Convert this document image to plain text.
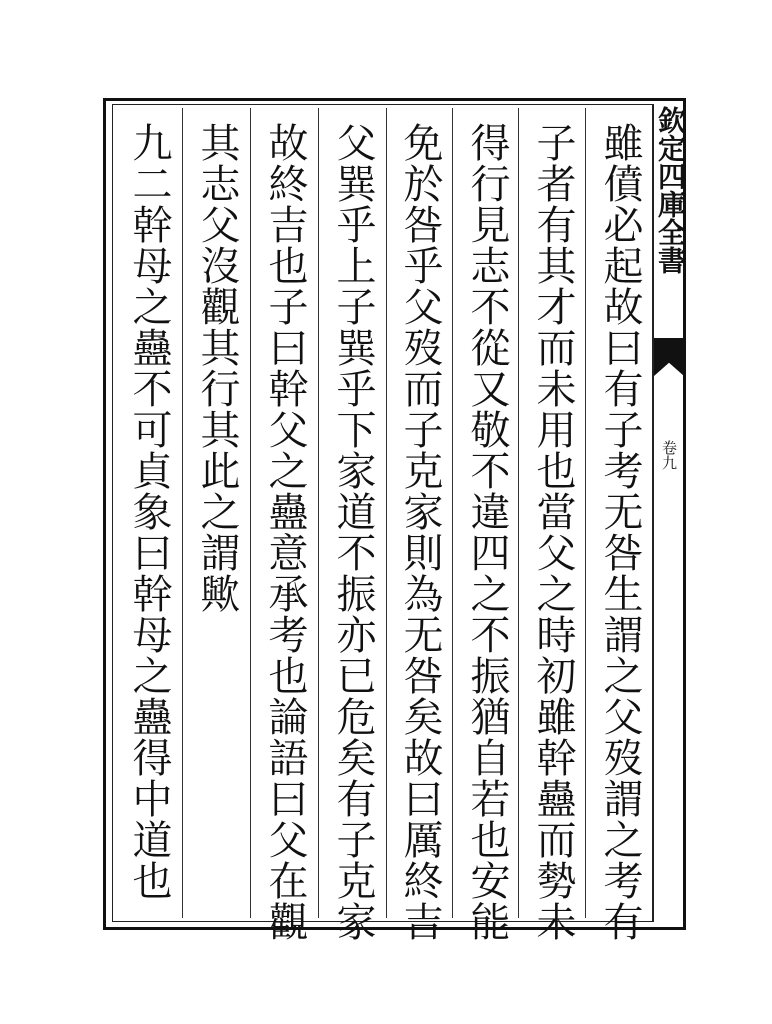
欽定四庫全書
卷九
雖僨必起故曰有子考无咎生謂之父歿謂之考有
子者有其才而未用也當父之時初雖幹蠱而勢未
得行見志不從又敬不違四之不振猶自若也安能
免於咎乎父歿而子克家則為无咎矣故曰厲終吉
父巽乎上子巽乎下家道不振亦已危矣有子克家
故終吉也子曰幹父之蠱意承考也論語曰父在觀
其志父沒觀其行其此之謂歟
九二幹母之蠱不可貞象曰幹母之蠱得中道也
